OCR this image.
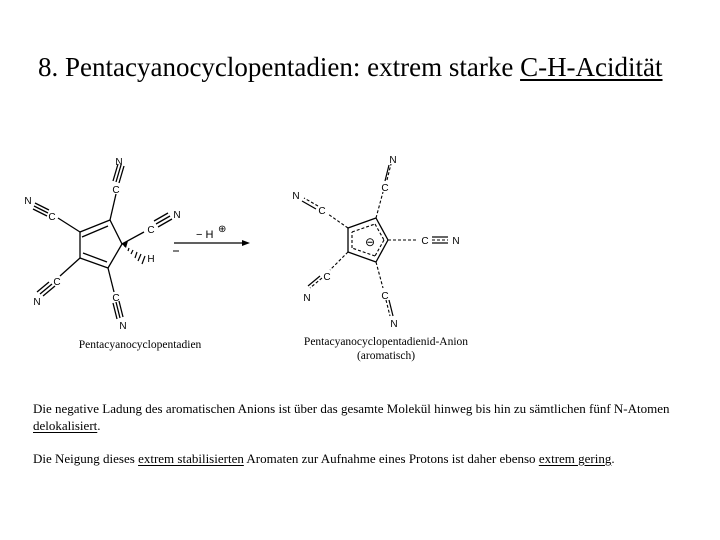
8. Pentacyanocyclopentadien: extrem starke C-H-Acidität
N
C
N
C	N
C
H
C
N	C
N
− H ⊕
⊖
N
C
N
C
C N
C
N	C
N
Pentacyanocyclopentadien	Pentacyanocyclopentadienid-Anion
(aromatisch)
Die negative Ladung des aromatischen Anions ist über das gesamte Molekül hinweg bis hin zu sämtlichen fünf N-Atomen delokalisiert.
Die Neigung dieses extrem stabilisierten Aromaten zur Aufnahme eines Protons ist daher ebenso extrem gering.
